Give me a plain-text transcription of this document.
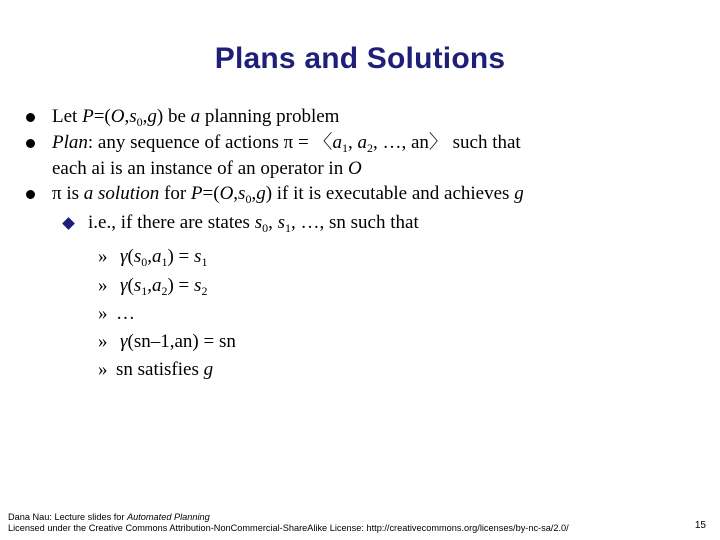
Plans and Solutions
Let $P=(O,s_0,g)$ be a planning problem
Plan: any sequence of actions π = 〈$a_1$, $a_2$, …, an〉 such that
each ai is an instance of an operator in O
π is a solution for $P=(O,s_0,g)$ if it is executable and achieves g
i.e., if there are states $s_0$, $s_1$, …, sn such that
» $\gamma(s_0,a_1) = s_1$
» $\gamma(s_1,a_2) = s_2$
» …
» γ(sn–1,an) = sn
» sn satisfies g
Dana Nau: Lecture slides for Automated Planning
Licensed under the Creative Commons Attribution-NonCommercial-ShareAlike License: http://creativecommons.org/licenses/by-nc-sa/2.0/	15
